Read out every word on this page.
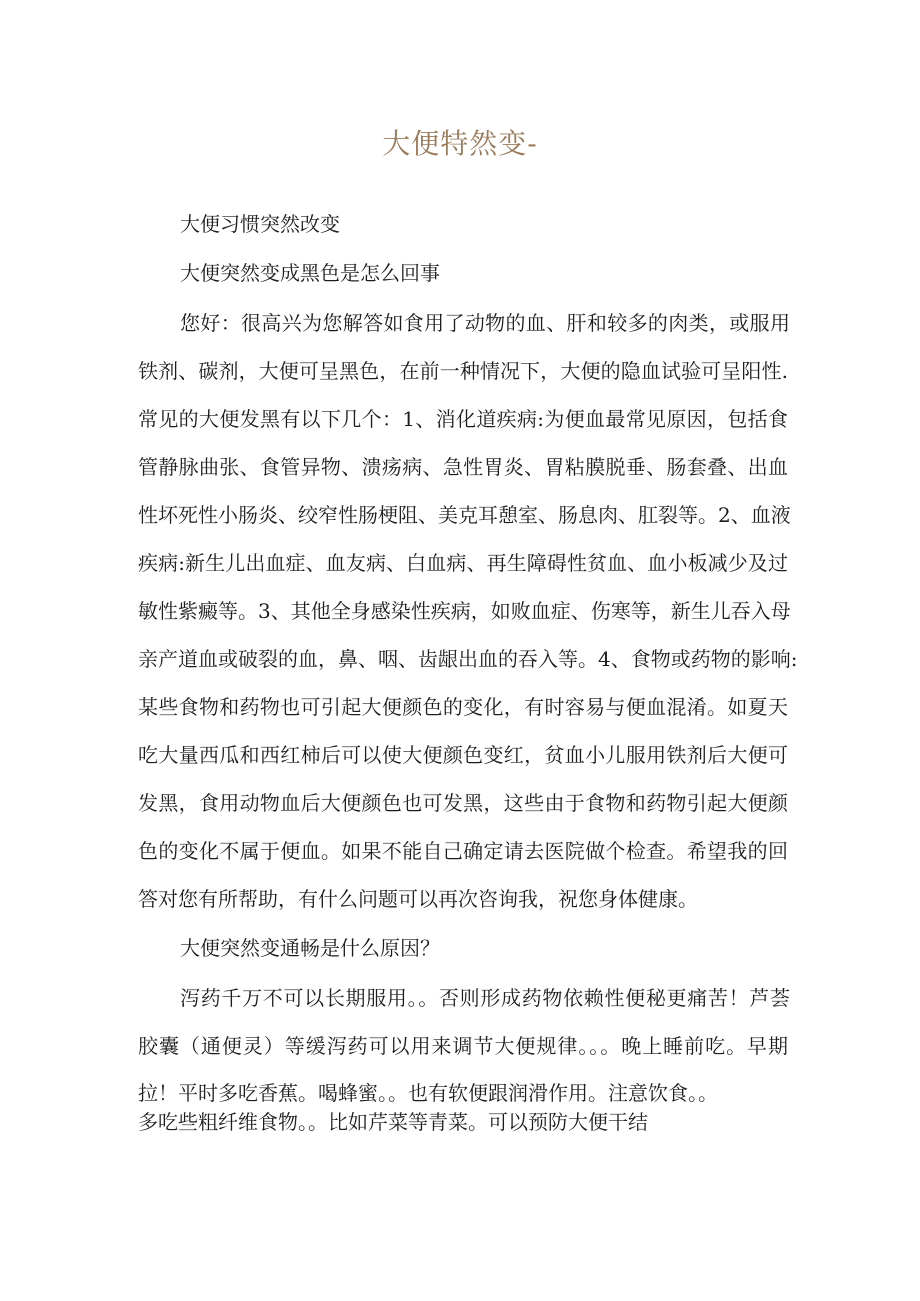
大便特然变-
大便习惯突然改变
大便突然变成黑色是怎么回事
您好：很高兴为您解答如食用了动物的血、肝和较多的肉类，或服用
铁剂、碳剂，大便可呈黑色，在前一种情况下，大便的隐血试验可呈阳性.
常见的大便发黑有以下几个：1、消化道疾病:为便血最常见原因，包括食
管静脉曲张、食管异物、溃疡病、急性胃炎、胃粘膜脱垂、肠套叠、出血
性坏死性小肠炎、绞窄性肠梗阻、美克耳憩室、肠息肉、肛裂等。2、血液
疾病:新生儿出血症、血友病、白血病、再生障碍性贫血、血小板减少及过
敏性紫癜等。3、其他全身感染性疾病，如败血症、伤寒等，新生儿吞入母
亲产道血或破裂的血，鼻、咽、齿龈出血的吞入等。4、食物或药物的影响:
某些食物和药物也可引起大便颜色的变化，有时容易与便血混淆。如夏天
吃大量西瓜和西红柿后可以使大便颜色变红，贫血小儿服用铁剂后大便可
发黑，食用动物血后大便颜色也可发黑，这些由于食物和药物引起大便颜
色的变化不属于便血。如果不能自己确定请去医院做个检查。希望我的回
答对您有所帮助，有什么问题可以再次咨询我，祝您身体健康。
大便突然变通畅是什么原因？
泻药千万不可以长期服用。。否则形成药物依赖性便秘更痛苦！芦荟
胶囊（通便灵）等缓泻药可以用来调节大便规律。。。晚上睡前吃。早期
拉！平时多吃香蕉。喝蜂蜜。。也有软便跟润滑作用。注意饮食。。
多吃些粗纤维食物。。比如芹菜等青菜。可以预防大便干结
